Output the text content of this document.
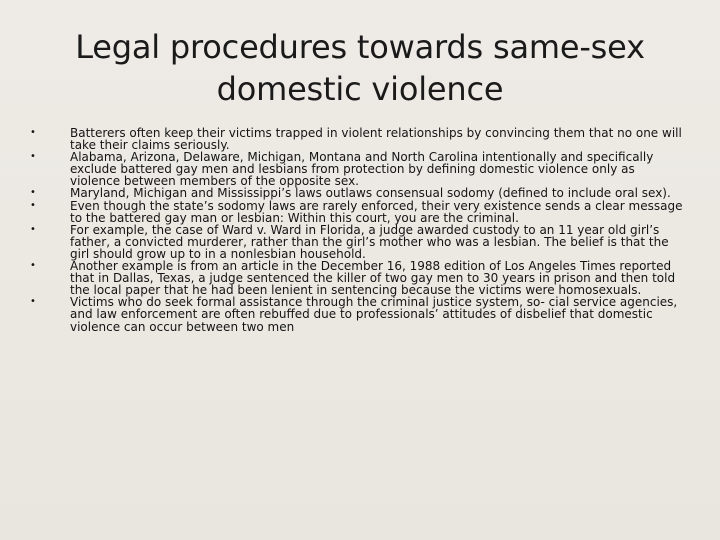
Legal procedures towards same-sex domestic violence
•	Batterers often keep their victims trapped in violent relationships by convincing them that no one will take their claims seriously.
•	Alabama, Arizona, Delaware, Michigan, Montana and North Carolina intentionally and specifically exclude battered gay men and lesbians from protection by defining domestic violence only as violence between members of the opposite sex.
•	Maryland, Michigan and Mississippi’s laws outlaws consensual sodomy (defined to include oral sex).
•	Even though the state’s sodomy laws are rarely enforced, their very existence sends a clear message to the battered gay man or lesbian: Within this court, you are the criminal.
•	For example, the case of Ward v. Ward in Florida, a judge awarded custody to an 11 year old girl’s father, a convicted murderer, rather than the girl’s mother who was a lesbian. The belief is that the girl should grow up to in a nonlesbian household.
•	Another example is from an article in the December 16, 1988 edition of Los Angeles Times reported that in Dallas, Texas, a judge sentenced the killer of two gay men to 30 years in prison and then told the local paper that he had been lenient in sentencing because the victims were homosexuals.
•	Victims who do seek formal assistance through the criminal justice system, so- cial service agencies, and law enforcement are often rebuffed due to professionals’ attitudes of disbelief that domestic violence can occur between two men
